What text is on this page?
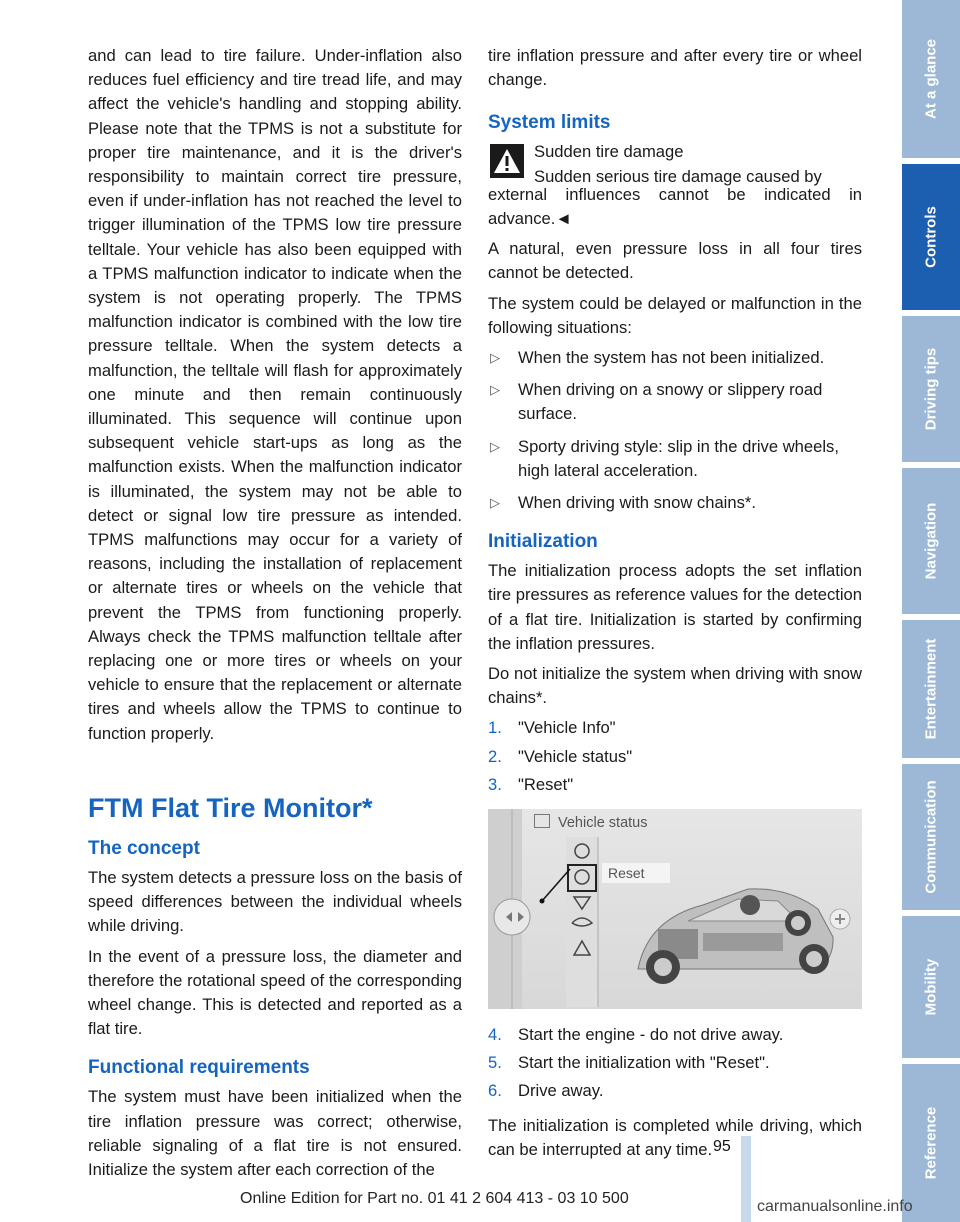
and can lead to tire failure. Under-inflation also reduces fuel efficiency and tire tread life, and may affect the vehicle's handling and stopping ability. Please note that the TPMS is not a substitute for proper tire maintenance, and it is the driver's responsibility to maintain correct tire pressure, even if under-inflation has not reached the level to trigger illumination of the TPMS low tire pressure telltale. Your vehicle has also been equipped with a TPMS malfunction indicator to indicate when the system is not operating properly. The TPMS malfunction indicator is combined with the low tire pressure telltale. When the system detects a malfunction, the telltale will flash for approximately one minute and then remain continuously illuminated. This sequence will continue upon subsequent vehicle start-ups as long as the malfunction exists. When the malfunction indicator is illuminated, the system may not be able to detect or signal low tire pressure as intended. TPMS malfunctions may occur for a variety of reasons, including the installation of replacement or alternate tires or wheels on the vehicle that prevent the TPMS from functioning properly. Always check the TPMS malfunction telltale after replacing one or more tires or wheels on your vehicle to ensure that the replacement or alternate tires and wheels allow the TPMS to continue to function properly.

FTM Flat Tire Monitor*
The concept

The system detects a pressure loss on the basis of speed differences between the individual wheels while driving.

In the event of a pressure loss, the diameter and therefore the rotational speed of the corresponding wheel change. This is detected and reported as a flat tire.

Functional requirements

The system must have been initialized when the tire inflation pressure was correct; otherwise, reliable signaling of a flat tire is not ensured. Initialize the system after each correction of the

tire inflation pressure and after every tire or wheel change.

System limits

Sudden tire damage

Sudden serious tire damage caused by

external influences cannot be indicated in advance.◄

A natural, even pressure loss in all four tires cannot be detected.

The system could be delayed or malfunction in the following situations:

▷ When the system has not been initialized.
▷ When driving on a snowy or slippery road surface.
▷ Sporty driving style: slip in the drive wheels, high lateral acceleration.
▷ When driving with snow chains*.
Initialization

The initialization process adopts the set inflation tire pressures as reference values for the detection of a flat tire. Initialization is started by confirming the inflation pressures.

Do not initialize the system when driving with snow chains*.

1. "Vehicle Info"
2. "Vehicle status"
3. "Reset"
Vehicle status
Reset
4. Start the engine - do not drive away.
5. Start the initialization with "Reset".
6. Drive away.

The initialization is completed while driving, which can be interrupted at any time.

At a glance
Controls
Driving tips
Navigation
Entertainment
Communication
Mobility
Reference
95
Online Edition for Part no. 01 41 2 604 413 - 03 10 500	carmanualsonline.info
